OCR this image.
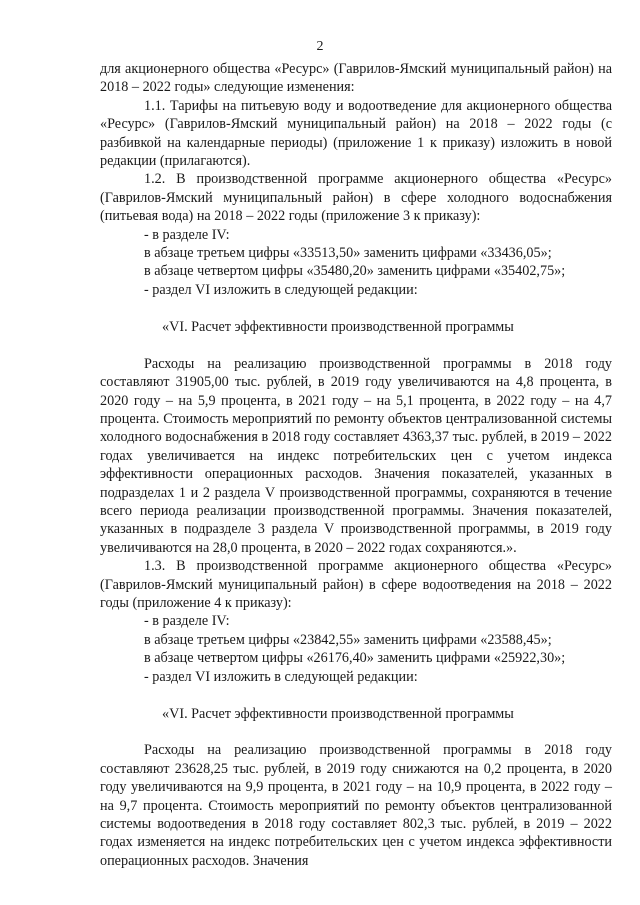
2

для акционерного общества «Ресурс» (Гаврилов-Ямский муниципальный район) на 2018 – 2022 годы» следующие изменения:

1.1. Тарифы на питьевую воду и водоотведение для акционерного общества «Ресурс» (Гаврилов-Ямский муниципальный район) на 2018 – 2022 годы (с разбивкой на календарные периоды) (приложение 1 к приказу) изложить в новой редакции (прилагаются).

1.2. В производственной программе акционерного общества «Ресурс» (Гаврилов-Ямский муниципальный район) в сфере холодного водоснабжения (питьевая вода) на 2018 – 2022 годы (приложение 3 к приказу):

- в разделе IV:

в абзаце третьем цифры «33513,50» заменить цифрами «33436,05»;

в абзаце четвертом цифры «35480,20» заменить цифрами «35402,75»;

- раздел VI изложить в следующей редакции:

«VI. Расчет эффективности производственной программы

Расходы на реализацию производственной программы в 2018 году составляют 31905,00 тыс. рублей, в 2019 году увеличиваются на 4,8 процента, в 2020 году – на 5,9 процента, в 2021 году – на 5,1 процента, в 2022 году – на 4,7 процента. Стоимость мероприятий по ремонту объектов централизованной системы холодного водоснабжения в 2018 году составляет 4363,37 тыс. рублей, в 2019 – 2022 годах увеличивается на индекс потребительских цен с учетом индекса эффективности операционных расходов. Значения показателей, указанных в подразделах 1 и 2 раздела V производственной программы, сохраняются в течение всего периода реализации производственной программы. Значения показателей, указанных в подразделе 3 раздела V производственной программы, в 2019 году увеличиваются на 28,0 процента, в 2020 – 2022 годах сохраняются.».

1.3. В производственной программе акционерного общества «Ресурс» (Гаврилов-Ямский муниципальный район) в сфере водоотведения на 2018 – 2022 годы (приложение 4 к приказу):

- в разделе IV:

в абзаце третьем цифры «23842,55» заменить цифрами «23588,45»;

в абзаце четвертом цифры «26176,40» заменить цифрами «25922,30»;

- раздел VI изложить в следующей редакции:

«VI. Расчет эффективности производственной программы

Расходы на реализацию производственной программы в 2018 году составляют 23628,25 тыс. рублей, в 2019 году снижаются на 0,2 процента, в 2020 году увеличиваются на 9,9 процента, в 2021 году – на 10,9 процента, в 2022 году – на 9,7 процента. Стоимость мероприятий по ремонту объектов централизованной системы водоотведения в 2018 году составляет 802,3 тыс. рублей, в 2019 – 2022 годах изменяется на индекс потребительских цен с учетом индекса эффективности операционных расходов. Значения
